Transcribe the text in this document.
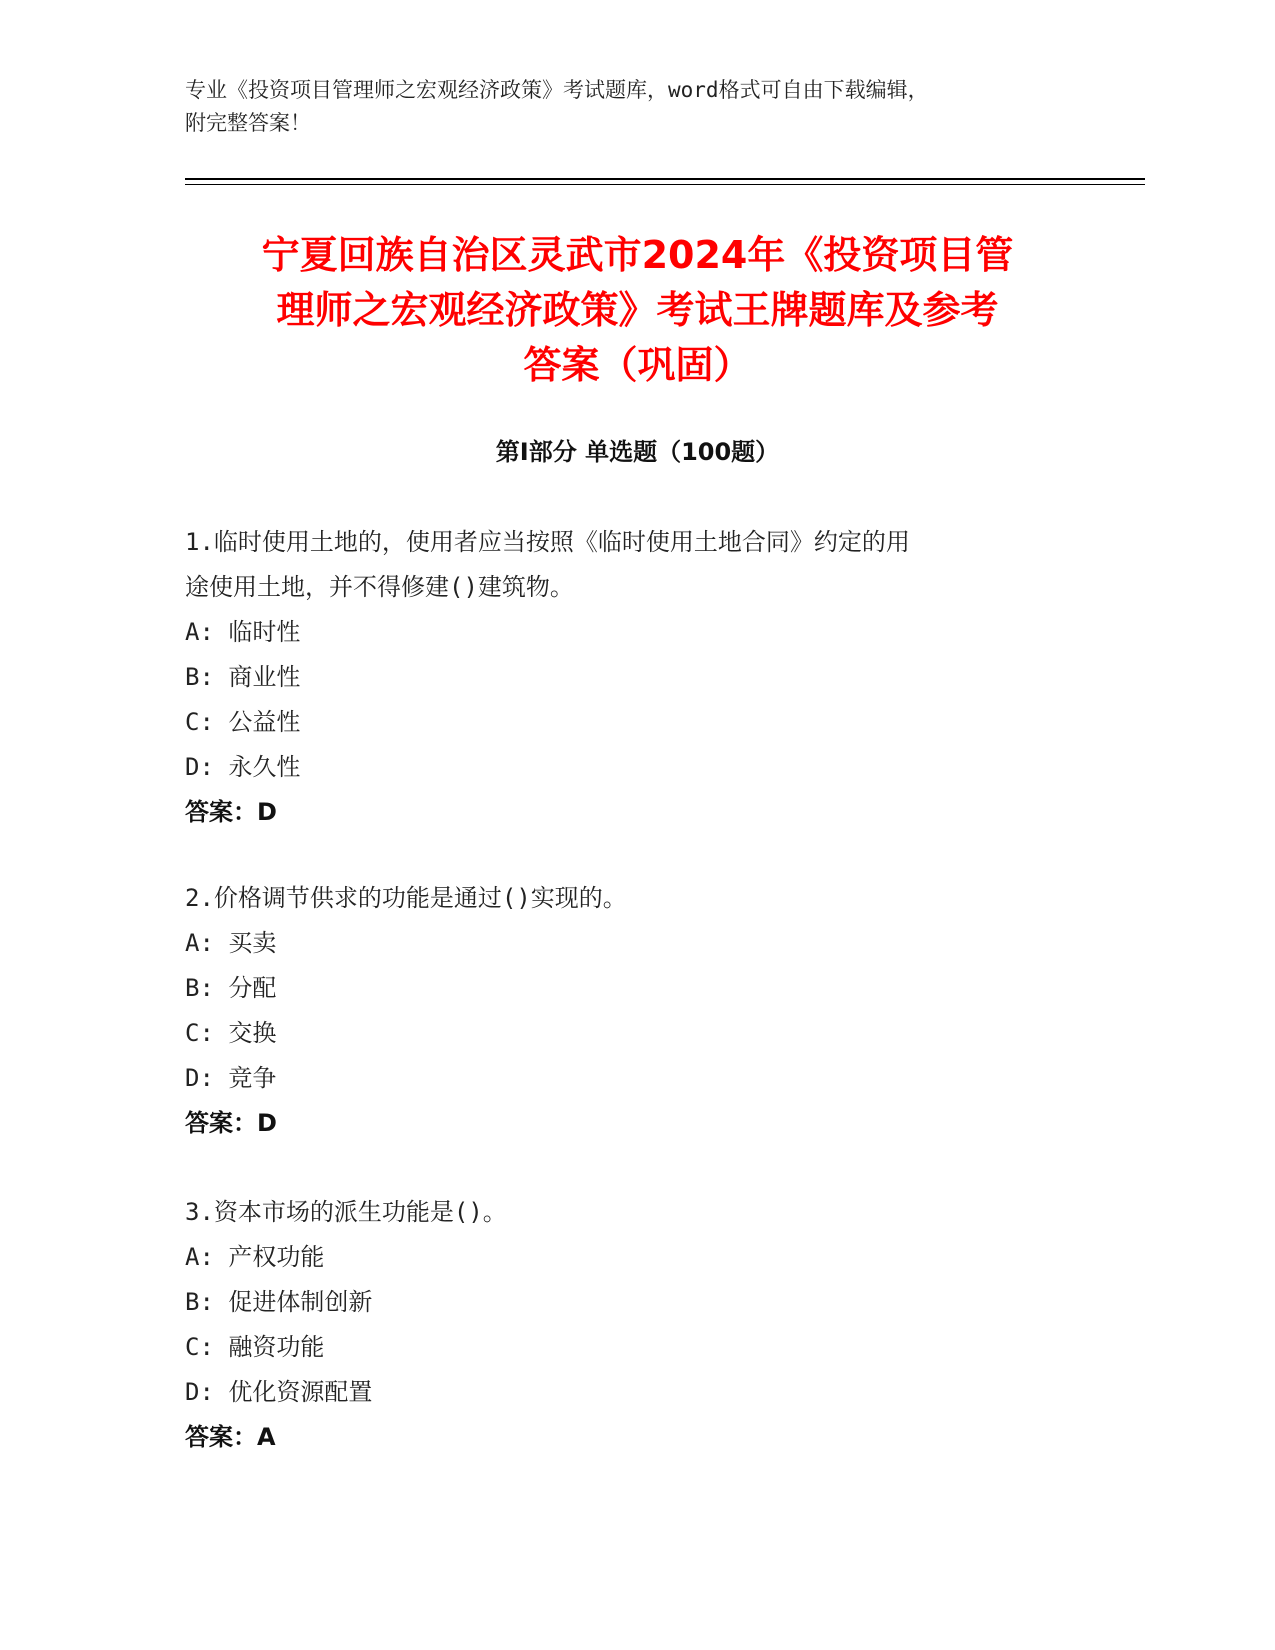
专业《投资项目管理师之宏观经济政策》考试题库，word格式可自由下载编辑，
附完整答案！
宁夏回族自治区灵武市2024年《投资项目管
理师之宏观经济政策》考试王牌题库及参考
答案（巩固）
第I部分 单选题（100题）

1.临时使用土地的，使用者应当按照《临时使用土地合同》约定的用

途使用土地，并不得修建()建筑物。

A: 临时性

B: 商业性

C: 公益性

D: 永久性

答案：D

2.价格调节供求的功能是通过()实现的。

A: 买卖

B: 分配

C: 交换

D: 竞争

答案：D

3.资本市场的派生功能是()。

A: 产权功能

B: 促进体制创新

C: 融资功能

D: 优化资源配置

答案：A
